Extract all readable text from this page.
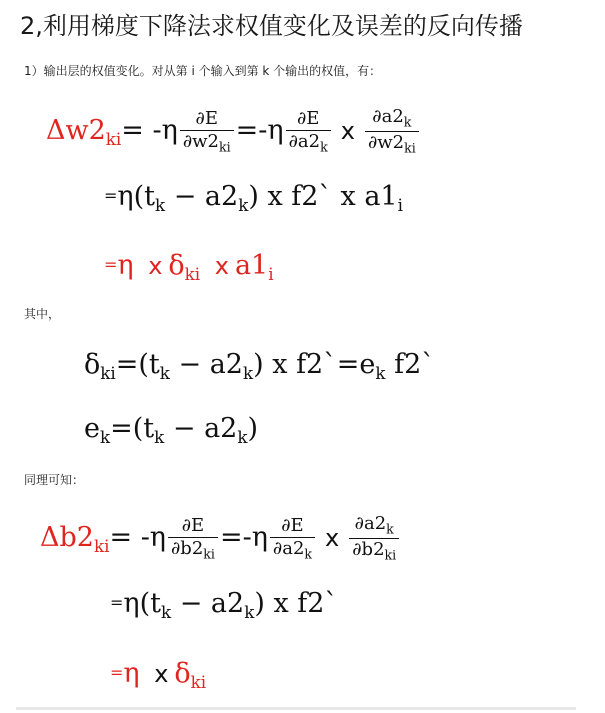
2,利用梯度下降法求权值变化及误差的反向传播
1）输出层的权值变化。对从第 i 个输入到第 k 个输出的权值，有：
$\Delta w2_{ki}= -\eta \frac{\partial E}{\partial w2_{ki}} =-\eta \frac{\partial E}{\partial a2_k}$ x $\frac{\partial a2_k}{\partial w2_{ki}}$
$=\eta(t_k - a2_k)$ x f2` x $a1_i$
=η x $\delta_{ki}$ x $a1_i$
其中，
$\delta_{ki}=(t_k - a2_k)$ x $f2`=e_k$ f2`
$e_k=(t_k - a2_k)$
同理可知：
$\Delta b2_{ki}= -\eta \frac{\partial E}{\partial b2_{ki}} =-\eta \frac{\partial E}{\partial a2_k}$ x $\frac{\partial a2_k}{\partial b2_{ki}}$
$=\eta(t_k - a2_k)$ x f2`
=η x $\delta_{ki}$
